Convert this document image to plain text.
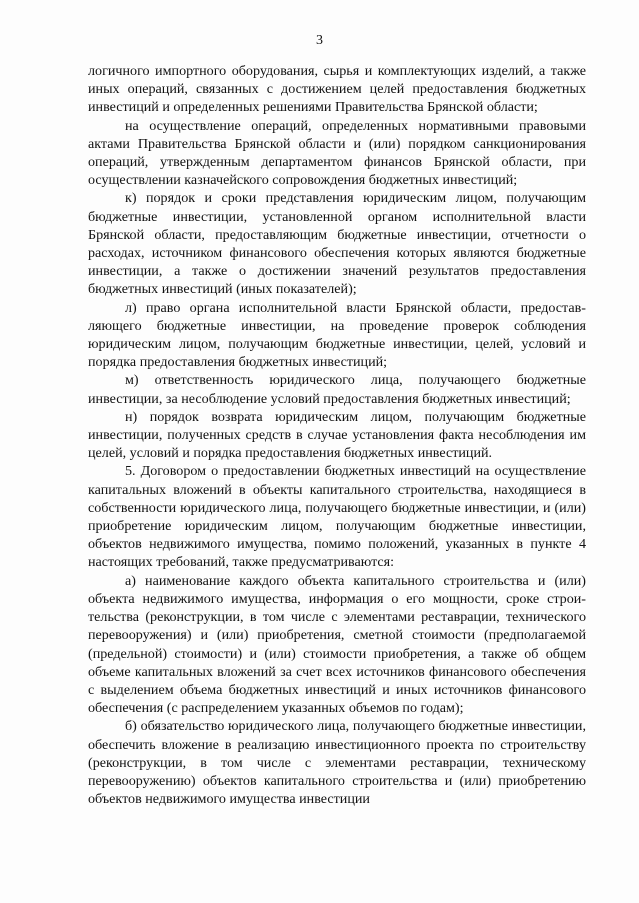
3

логичного импортного оборудования, сырья и комплектующих изделий, а также иных операций, связанных с достижением целей предоставления бюджетных инвестиций и определенных решениями Правительства Брянской области;

на осуществление операций, определенных нормативными правовыми актами Правительства Брянской области и (или) порядком санкционирования операций, утвержденным департаментом финансов Брянской области, при осуществлении казначейского сопровождения бюджетных инвестиций;

к) порядок и сроки представления юридическим лицом, получающим бюджетные инвестиции, установленной органом исполнительной власти Брянской области, предоставляющим бюджетные инвестиции, отчетности о расходах, источником финансового обеспечения которых являются бюджетные инвестиции, а также о достижении значений результатов предоставления бюджетных инвестиций (иных показателей);

л) право органа исполнительной власти Брянской области, предоставляющего бюджетные инвестиции, на проведение проверок соблюдения юридическим лицом, получающим бюджетные инвестиции, целей, условий и порядка предоставления бюджетных инвестиций;

м) ответственность юридического лица, получающего бюджетные инвестиции, за несоблюдение условий предоставления бюджетных инвестиций;

н) порядок возврата юридическим лицом, получающим бюджетные инвестиции, полученных средств в случае установления факта несоблюдения им целей, условий и порядка предоставления бюджетных инвестиций.

5. Договором о предоставлении бюджетных инвестиций на осуществление капитальных вложений в объекты капитального строительства, находящиеся в собственности юридического лица, получающего бюджетные инвестиции, и (или) приобретение юридическим лицом, получающим бюджетные инвестиции, объектов недвижимого имущества, помимо положений, указанных в пункте 4 настоящих требований, также предусматриваются:

а) наименование каждого объекта капитального строительства и (или) объекта недвижимого имущества, информация о его мощности, сроке строительства (реконструкции, в том числе с элементами реставрации, технического перевооружения) и (или) приобретения, сметной стоимости (предполагаемой (предельной) стоимости) и (или) стоимости приобретения, а также об общем объеме капитальных вложений за счет всех источников финансового обеспечения с выделением объема бюджетных инвестиций и иных источников финансового обеспечения (с распределением указанных объемов по годам);

б) обязательство юридического лица, получающего бюджетные инвестиции, обеспечить вложение в реализацию инвестиционного проекта по строительству (реконструкции, в том числе с элементами реставрации, техническому перевооружению) объектов капитального строительства и (или) приобретению объектов недвижимого имущества инвестиции
